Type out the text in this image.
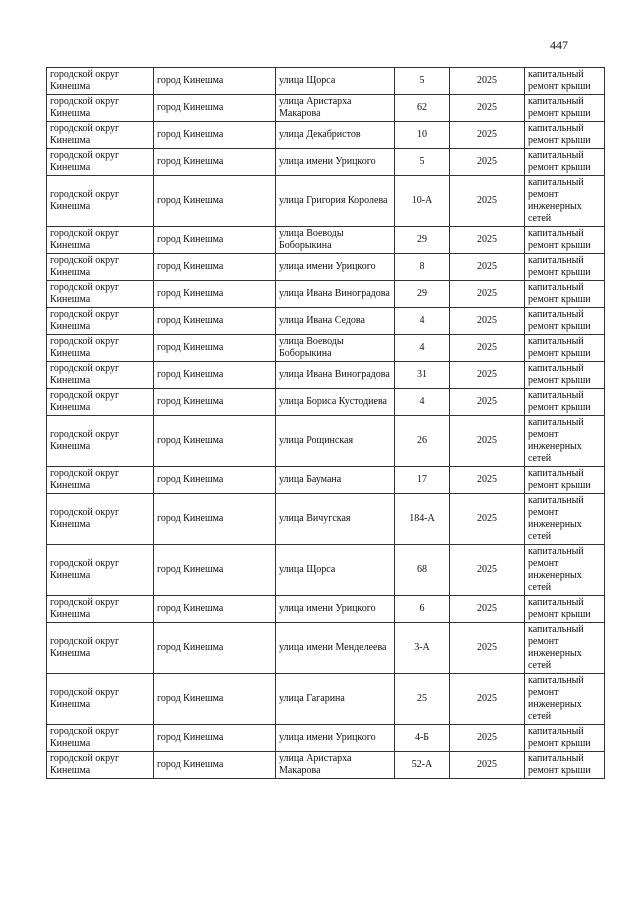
447
городской округ Кинешма	город Кинешма	улица Щорса	5	2025	капитальный ремонт крыши
городской округ Кинешма	город Кинешма	улица Аристарха Макарова	62	2025	капитальный ремонт крыши
городской округ Кинешма	город Кинешма	улица Декабристов	10	2025	капитальный ремонт крыши
городской округ Кинешма	город Кинешма	улица имени Урицкого	5	2025	капитальный ремонт крыши
городской округ Кинешма	город Кинешма	улица Григория Королева	10-А	2025	капитальный ремонт инженерных сетей
городской округ Кинешма	город Кинешма	улица Воеводы Боборыкина	29	2025	капитальный ремонт крыши
городской округ Кинешма	город Кинешма	улица имени Урицкого	8	2025	капитальный ремонт крыши
городской округ Кинешма	город Кинешма	улица Ивана Виноградова	29	2025	капитальный ремонт крыши
городской округ Кинешма	город Кинешма	улица Ивана Седова	4	2025	капитальный ремонт крыши
городской округ Кинешма	город Кинешма	улица Воеводы Боборыкина	4	2025	капитальный ремонт крыши
городской округ Кинешма	город Кинешма	улица Ивана Виноградова	31	2025	капитальный ремонт крыши
городской округ Кинешма	город Кинешма	улица Бориса Кустодиева	4	2025	капитальный ремонт крыши
городской округ Кинешма	город Кинешма	улица Рощинская	26	2025	капитальный ремонт инженерных сетей
городской округ Кинешма	город Кинешма	улица Баумана	17	2025	капитальный ремонт крыши
городской округ Кинешма	город Кинешма	улица Вичугская	184-А	2025	капитальный ремонт инженерных сетей
городской округ Кинешма	город Кинешма	улица Щорса	68	2025	капитальный ремонт инженерных сетей
городской округ Кинешма	город Кинешма	улица имени Урицкого	6	2025	капитальный ремонт крыши
городской округ Кинешма	город Кинешма	улица имени Менделеева	3-А	2025	капитальный ремонт инженерных сетей
городской округ Кинешма	город Кинешма	улица Гагарина	25	2025	капитальный ремонт инженерных сетей
городской округ Кинешма	город Кинешма	улица имени Урицкого	4-Б	2025	капитальный ремонт крыши
городской округ Кинешма	город Кинешма	улица Аристарха Макарова	52-А	2025	капитальный ремонт крыши
